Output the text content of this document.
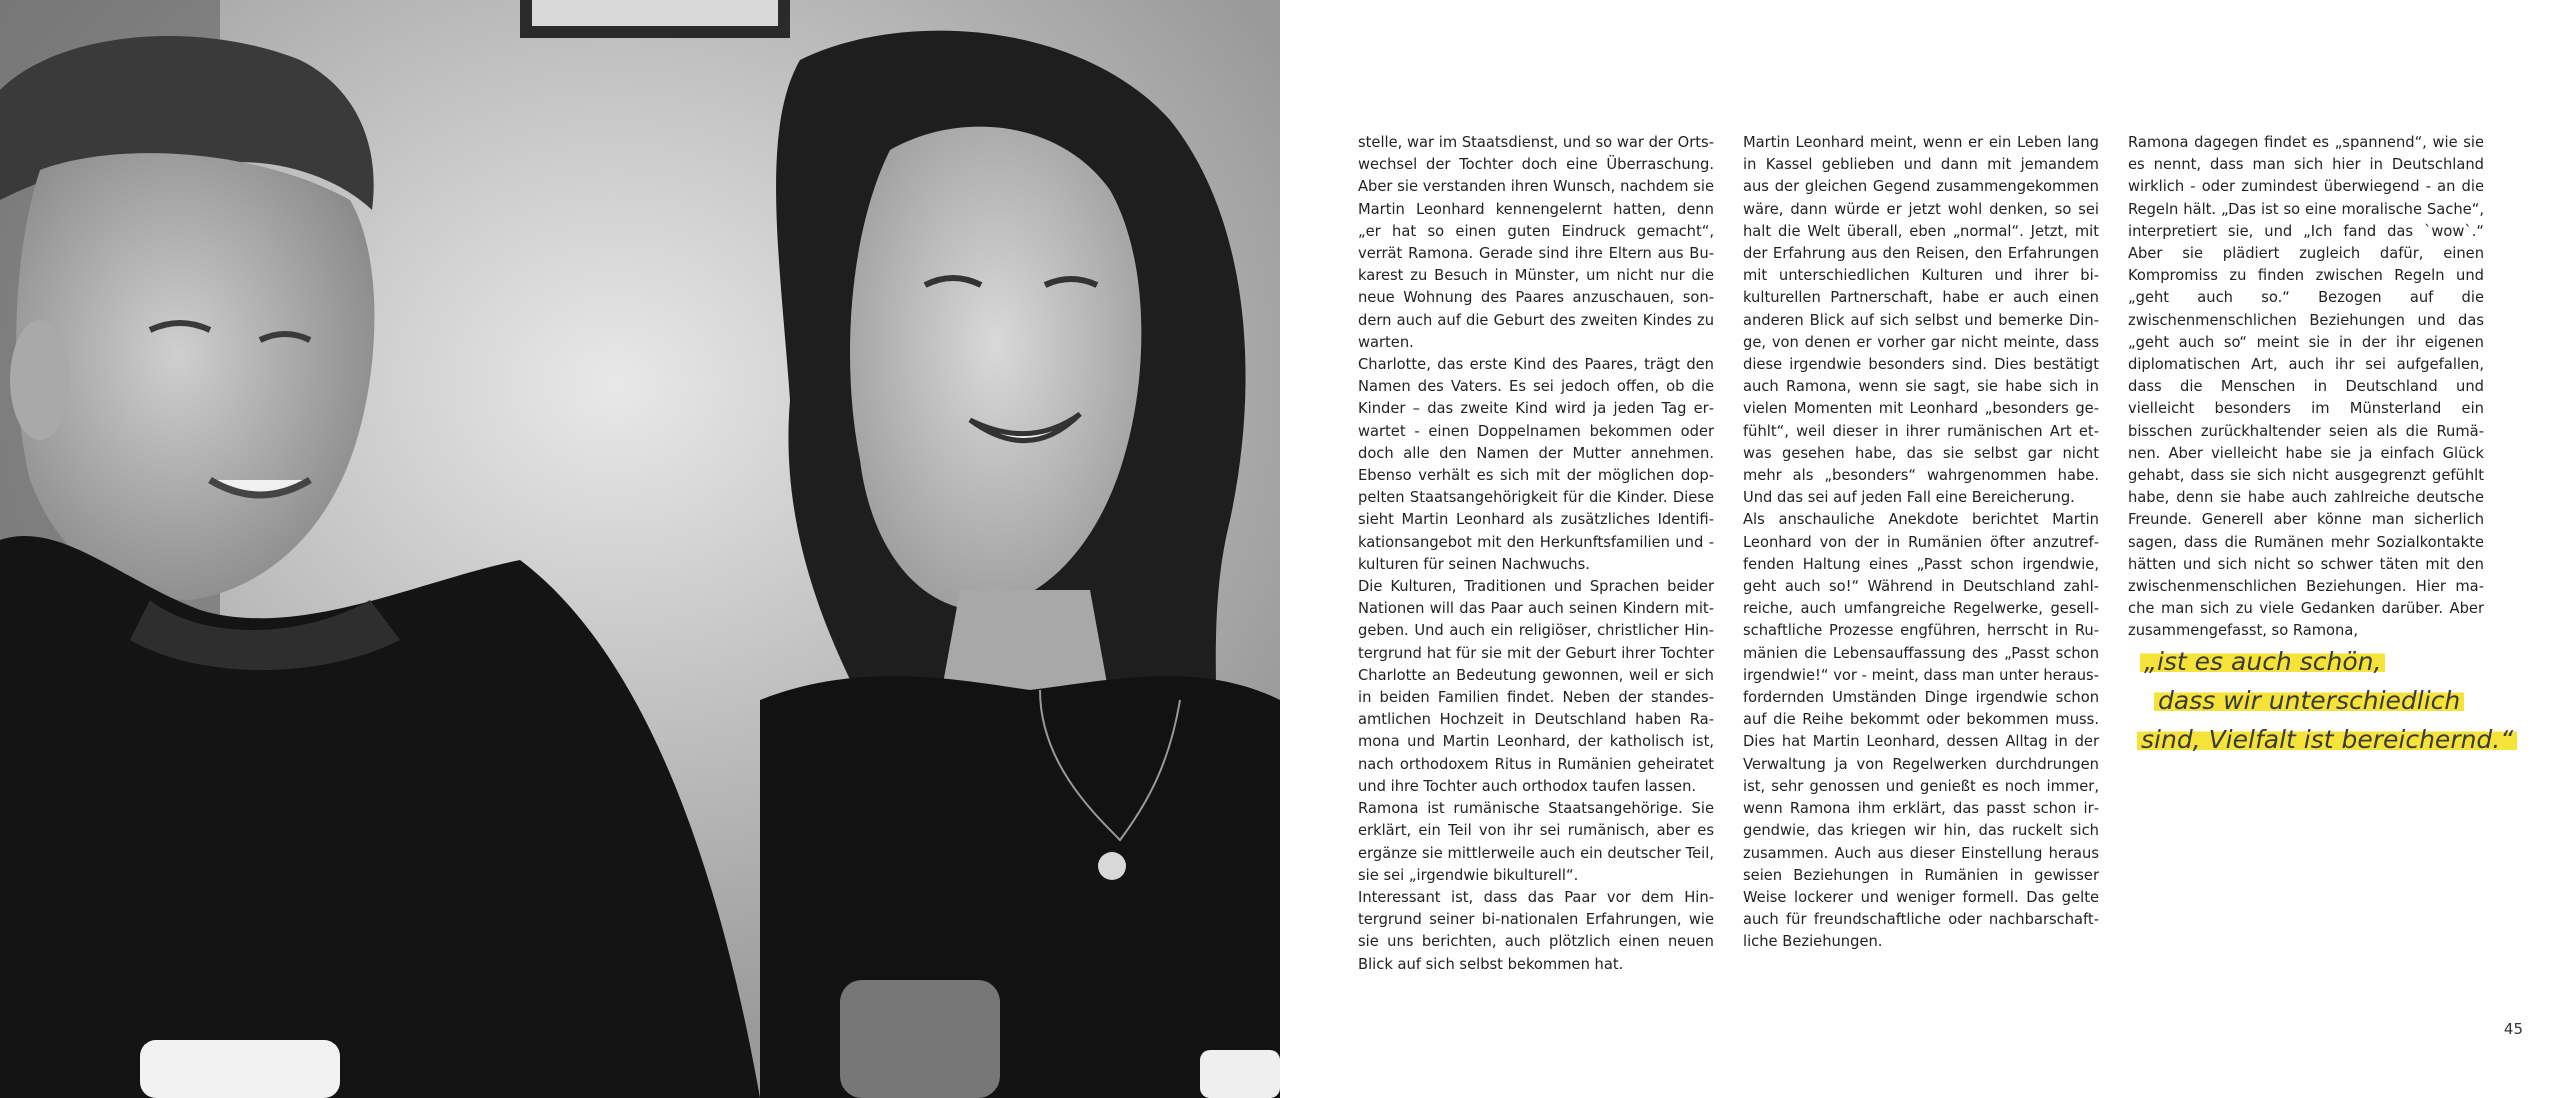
stelle, war im Staatsdienst, und so war der Ortswechsel der Tochter doch eine Überraschung. Aber sie verstanden ihren Wunsch, nachdem sie Martin Leonhard kennengelernt hatten, denn „er hat so einen guten Eindruck gemacht“, verrät Ramona. Gerade sind ihre Eltern aus Bukarest zu Besuch in Münster, um nicht nur die neue Wohnung des Paares anzuschauen, sondern auch auf die Geburt des zweiten Kindes zu warten.

Charlotte, das erste Kind des Paares, trägt den Namen des Vaters. Es sei jedoch offen, ob die Kinder – das zweite Kind wird ja jeden Tag erwartet - einen Doppelnamen bekommen oder doch alle den Namen der Mutter annehmen. Ebenso verhält es sich mit der möglichen doppelten Staatsangehörigkeit für die Kinder. Diese sieht Martin Leonhard als zusätzliches Identifikationsangebot mit den Herkunftsfamilien und -kulturen für seinen Nachwuchs.

Die Kulturen, Traditionen und Sprachen beider Nationen will das Paar auch seinen Kindern mitgeben. Und auch ein religiöser, christlicher Hintergrund hat für sie mit der Geburt ihrer Tochter Charlotte an Bedeutung gewonnen, weil er sich in beiden Familien findet. Neben der standesamtlichen Hochzeit in Deutschland haben Ramona und Martin Leonhard, der katholisch ist, nach orthodoxem Ritus in Rumänien geheiratet und ihre Tochter auch orthodox taufen lassen.

Ramona ist rumänische Staatsangehörige. Sie erklärt, ein Teil von ihr sei rumänisch, aber es ergänze sie mittlerweile auch ein deutscher Teil, sie sei „irgendwie bikulturell“.

Interessant ist, dass das Paar vor dem Hintergrund seiner bi-nationalen Erfahrungen, wie sie uns berichten, auch plötzlich einen neuen Blick auf sich selbst bekommen hat.

Martin Leonhard meint, wenn er ein Leben lang in Kassel geblieben und dann mit jemandem aus der gleichen Gegend zusammengekommen wäre, dann würde er jetzt wohl denken, so sei halt die Welt überall, eben „normal“. Jetzt, mit der Erfahrung aus den Reisen, den Erfahrungen mit unterschiedlichen Kulturen und ihrer bikulturellen Partnerschaft, habe er auch einen anderen Blick auf sich selbst und bemerke Dinge, von denen er vorher gar nicht meinte, dass diese irgendwie besonders sind. Dies bestätigt auch Ramona, wenn sie sagt, sie habe sich in vielen Momenten mit Leonhard „besonders gefühlt“, weil dieser in ihrer rumänischen Art etwas gesehen habe, das sie selbst gar nicht mehr als „besonders“ wahrgenommen habe. Und das sei auf jeden Fall eine Bereicherung.

Als anschauliche Anekdote berichtet Martin Leonhard von der in Rumänien öfter anzutreffenden Haltung eines „Passt schon irgendwie, geht auch so!“ Während in Deutschland zahlreiche, auch umfangreiche Regelwerke, gesellschaftliche Prozesse engführen, herrscht in Rumänien die Lebensauffassung des „Passt schon irgendwie!“ vor - meint, dass man unter herausfordernden Umständen Dinge irgendwie schon auf die Reihe bekommt oder bekommen muss. Dies hat Martin Leonhard, dessen Alltag in der Verwaltung ja von Regelwerken durchdrungen ist, sehr genossen und genießt es noch immer, wenn Ramona ihm erklärt, das passt schon irgendwie, das kriegen wir hin, das ruckelt sich zusammen. Auch aus dieser Einstellung heraus seien Beziehungen in Rumänien in gewisser Weise lockerer und weniger formell. Das gelte auch für freundschaftliche oder nachbarschaftliche Beziehungen.

Ramona dagegen findet es „spannend“, wie sie es nennt, dass man sich hier in Deutschland wirklich - oder zumindest überwiegend - an die Regeln hält. „Das ist so eine moralische Sache“, interpretiert sie, und „Ich fand das `wow`.“ Aber sie plädiert zugleich dafür, einen Kompromiss zu finden zwischen Regeln und „geht auch so.“ Bezogen auf die zwischenmenschlichen Beziehungen und das „geht auch so“ meint sie in der ihr eigenen diplomatischen Art, auch ihr sei aufgefallen, dass die Menschen in Deutschland und vielleicht besonders im Münsterland ein bisschen zurückhaltender seien als die Rumänen. Aber vielleicht habe sie ja einfach Glück gehabt, dass sie sich nicht ausgegrenzt gefühlt habe, denn sie habe auch zahlreiche deutsche Freunde. Generell aber könne man sicherlich sagen, dass die Rumänen mehr Sozialkontakte hätten und sich nicht so schwer täten mit den zwischenmenschlichen Beziehungen. Hier mache man sich zu viele Gedanken darüber. Aber zusammengefasst, so Ramona,

„ist es auch schön,
dass wir unterschiedlich
sind, Vielfalt ist bereichernd.“
45
